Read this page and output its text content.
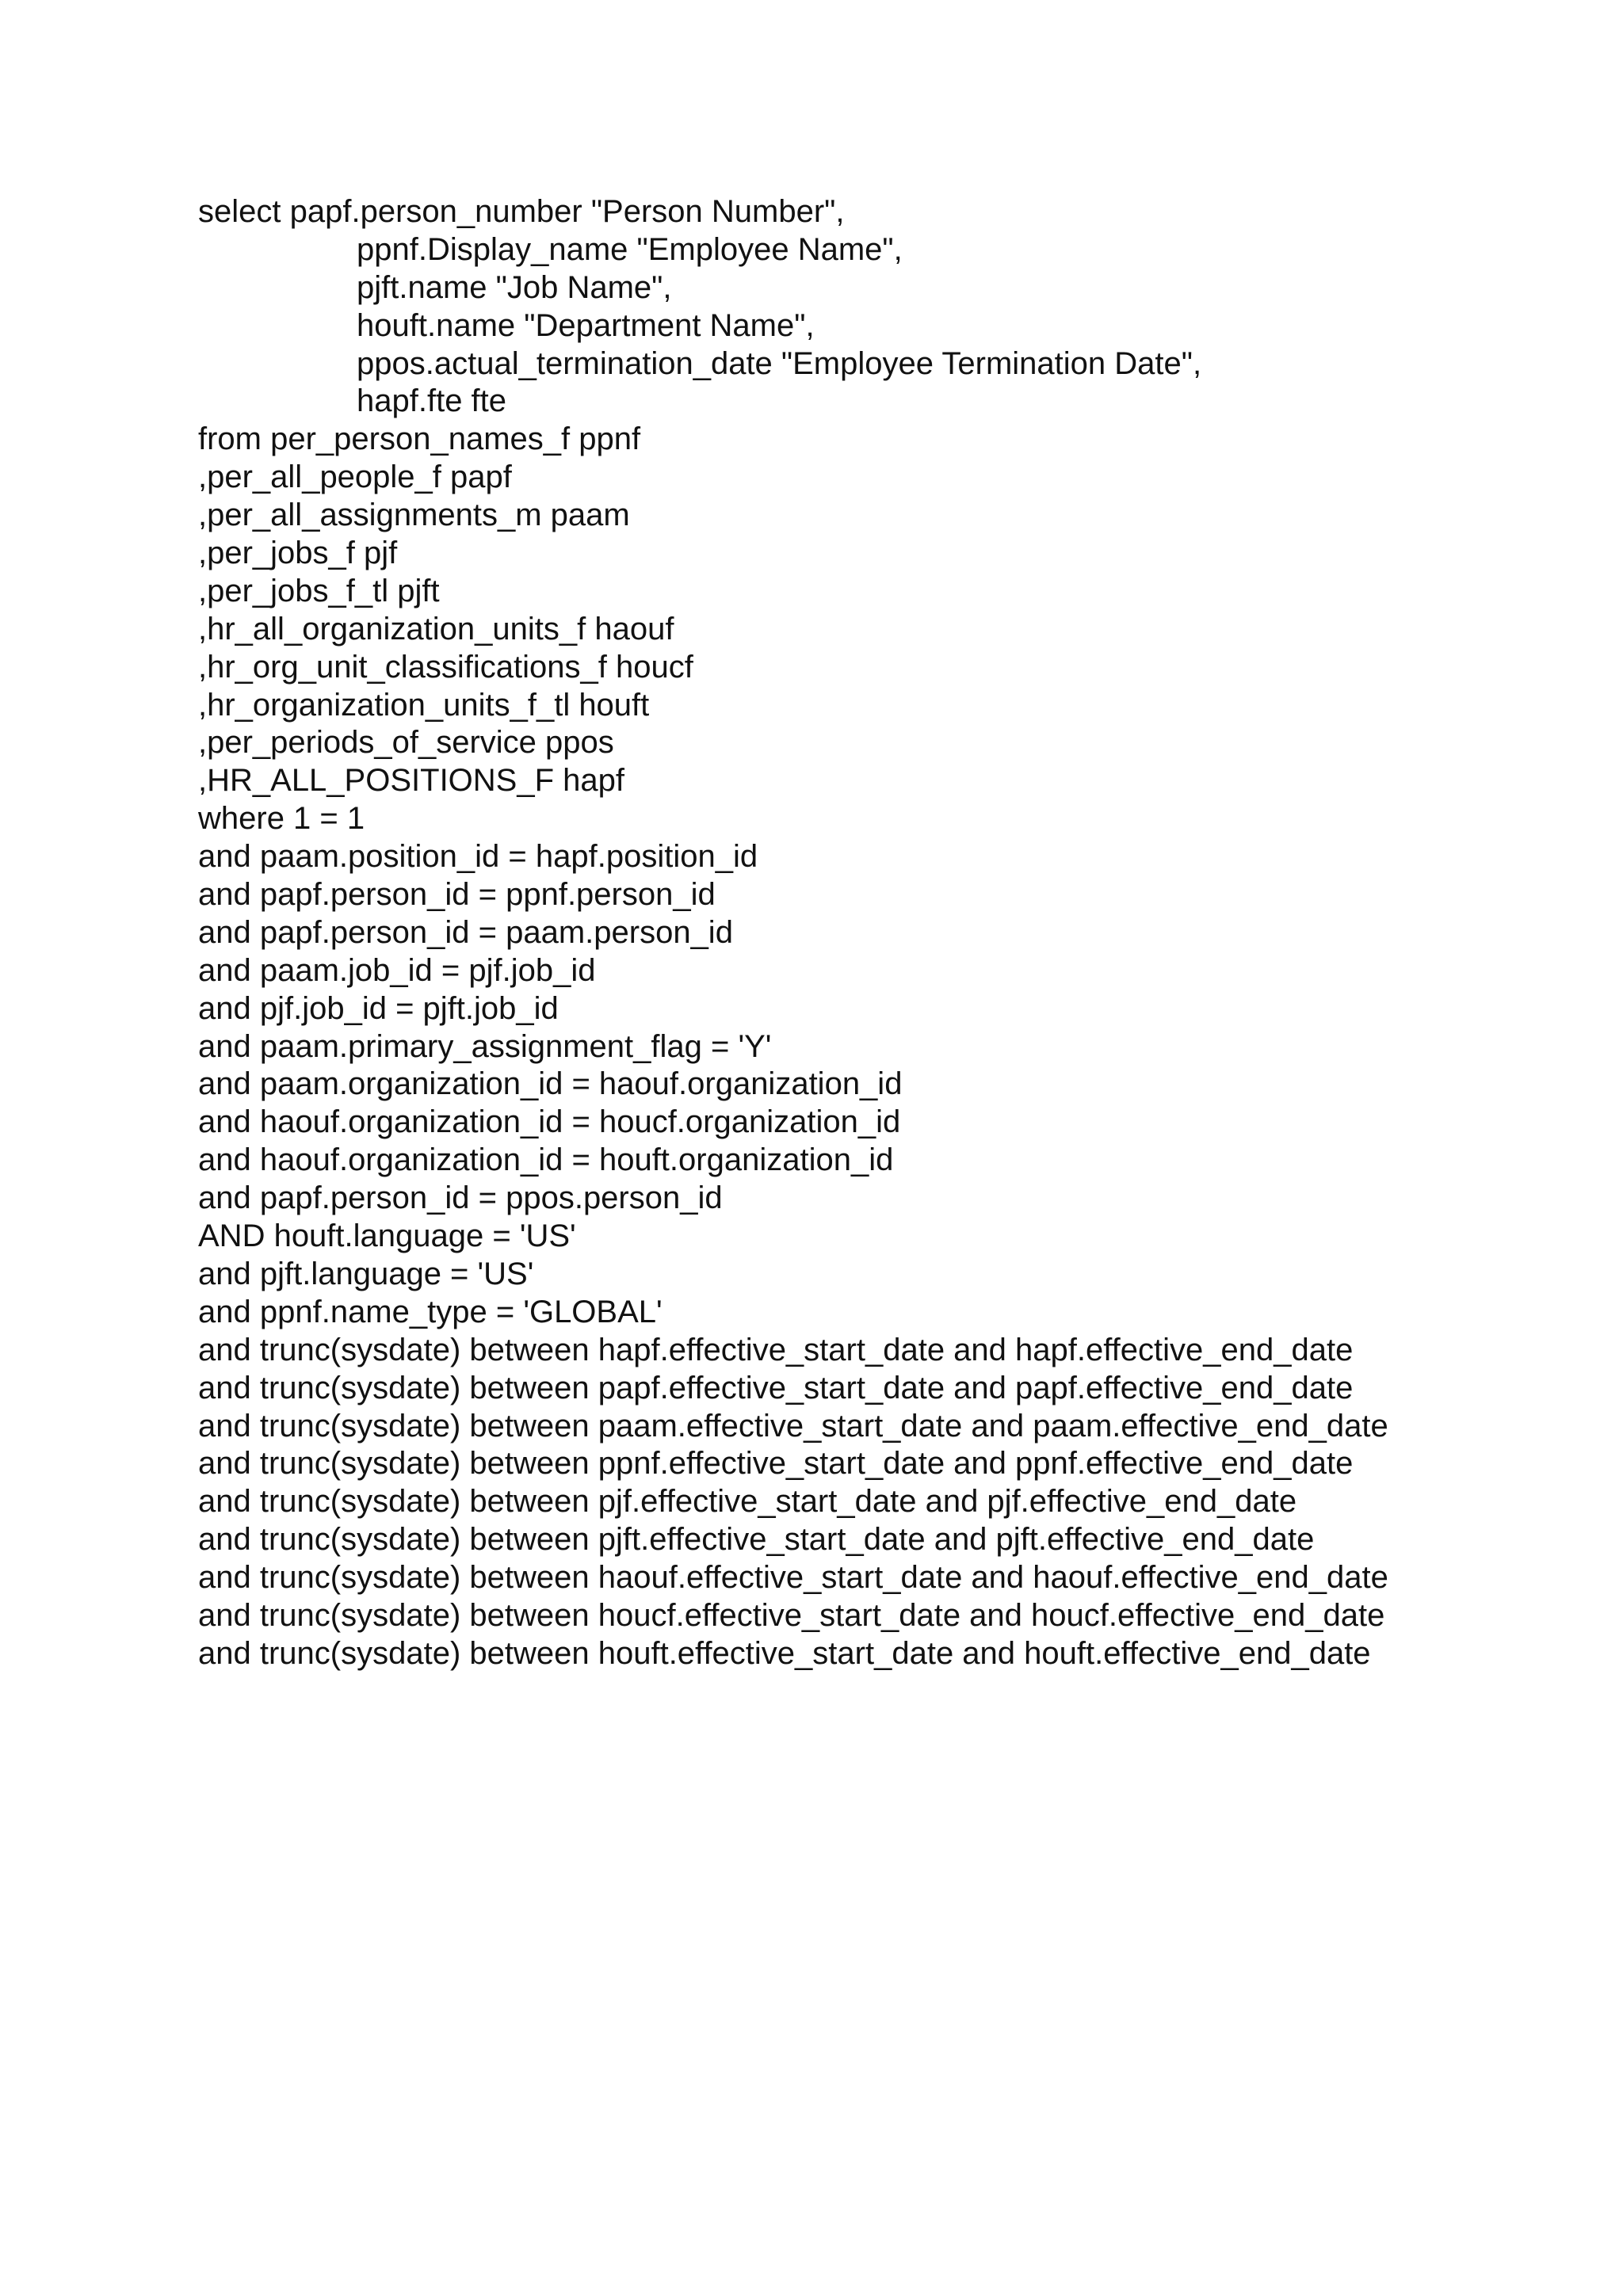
select papf.person_number "Person Number",
ppnf.Display_name "Employee Name",
pjft.name "Job Name",
houft.name "Department Name",
ppos.actual_termination_date "Employee Termination Date",
hapf.fte fte
from per_person_names_f ppnf
,per_all_people_f papf
,per_all_assignments_m paam
,per_jobs_f pjf
,per_jobs_f_tl pjft
,hr_all_organization_units_f haouf
,hr_org_unit_classifications_f houcf
,hr_organization_units_f_tl houft
,per_periods_of_service ppos
,HR_ALL_POSITIONS_F hapf
where 1 = 1
and paam.position_id = hapf.position_id
and papf.person_id = ppnf.person_id
and papf.person_id = paam.person_id
and paam.job_id = pjf.job_id
and pjf.job_id = pjft.job_id
and paam.primary_assignment_flag = 'Y'
and paam.organization_id = haouf.organization_id
and haouf.organization_id = houcf.organization_id
and haouf.organization_id = houft.organization_id
and papf.person_id = ppos.person_id
AND houft.language = 'US'
and pjft.language = 'US'
and ppnf.name_type = 'GLOBAL'
and trunc(sysdate) between hapf.effective_start_date and hapf.effective_end_date
and trunc(sysdate) between papf.effective_start_date and papf.effective_end_date
and trunc(sysdate) between paam.effective_start_date and paam.effective_end_date
and trunc(sysdate) between ppnf.effective_start_date and ppnf.effective_end_date
and trunc(sysdate) between pjf.effective_start_date and pjf.effective_end_date
and trunc(sysdate) between pjft.effective_start_date and pjft.effective_end_date
and trunc(sysdate) between haouf.effective_start_date and haouf.effective_end_date
and trunc(sysdate) between houcf.effective_start_date and houcf.effective_end_date
and trunc(sysdate) between houft.effective_start_date and houft.effective_end_date
